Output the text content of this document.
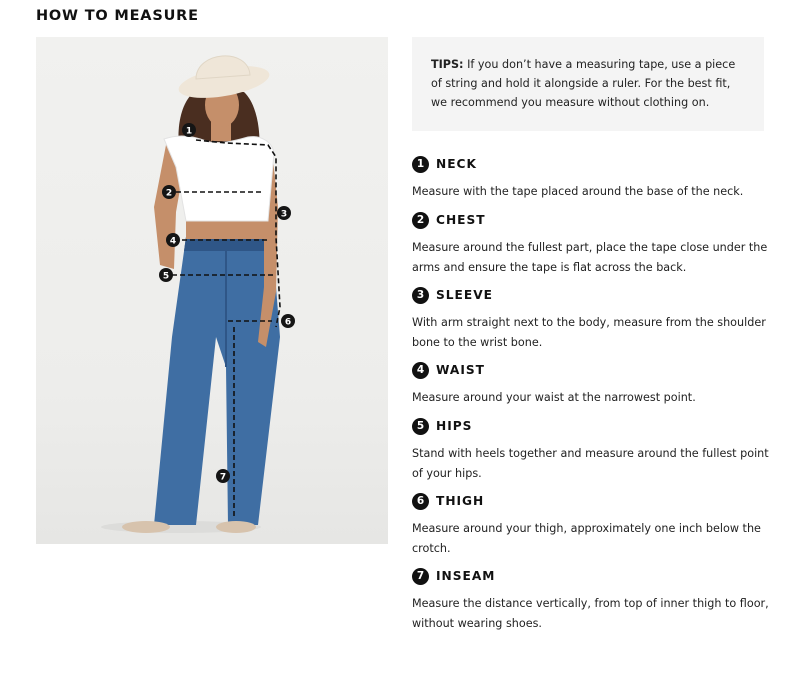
HOW TO MEASURE
1
2
3
4
5
6
7
TIPS: If you don’t have a measuring tape, use a piece of string and hold it alongside a ruler. For the best fit, we recommend you measure without clothing on.
1 NECK
Measure with the tape placed around the base of the neck.
2 CHEST
Measure around the fullest part, place the tape close under the arms and ensure the tape is flat across the back.
3 SLEEVE
With arm straight next to the body, measure from the shoulder bone to the wrist bone.
4 WAIST
Measure around your waist at the narrowest point.
5 HIPS
Stand with heels together and measure around the fullest point of your hips.
6 THIGH
Measure around your thigh, approximately one inch below the crotch.
7 INSEAM
Measure the distance vertically, from top of inner thigh to floor, without wearing shoes.
